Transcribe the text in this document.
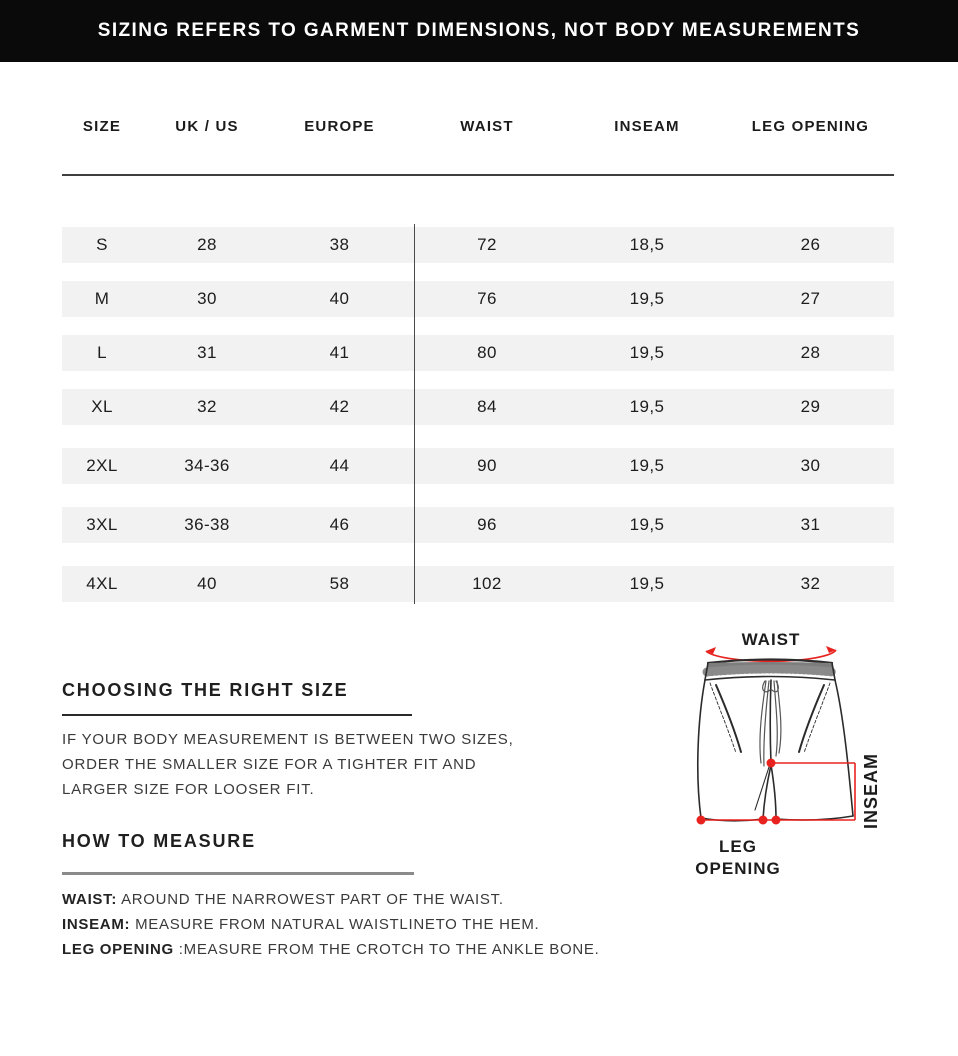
SIZING REFERS TO GARMENT DIMENSIONS, NOT BODY MEASUREMENTS
SIZE	UK / US	EUROPE	WAIST	INSEAM	LEG OPENING
S	28	38	72	18,5	26
M	30	40	76	19,5	27
L	31	41	80	19,5	28
XL	32	42	84	19,5	29
2XL	34-36	44	90	19,5	30
3XL	36-38	46	96	19,5	31
4XL	40	58	102	19,5	32
CHOOSING THE RIGHT SIZE
IF YOUR BODY MEASUREMENT IS BETWEEN TWO SIZES,
ORDER THE SMALLER SIZE FOR A TIGHTER FIT AND
LARGER SIZE FOR LOOSER FIT.
HOW TO MEASURE
WAIST: AROUND THE NARROWEST PART OF THE WAIST.
INSEAM: MEASURE FROM NATURAL WAISTLINETO THE HEM.
LEG OPENING :MEASURE FROM THE CROTCH TO THE ANKLE BONE.
WAIST
INSEAM
LEG
OPENING
